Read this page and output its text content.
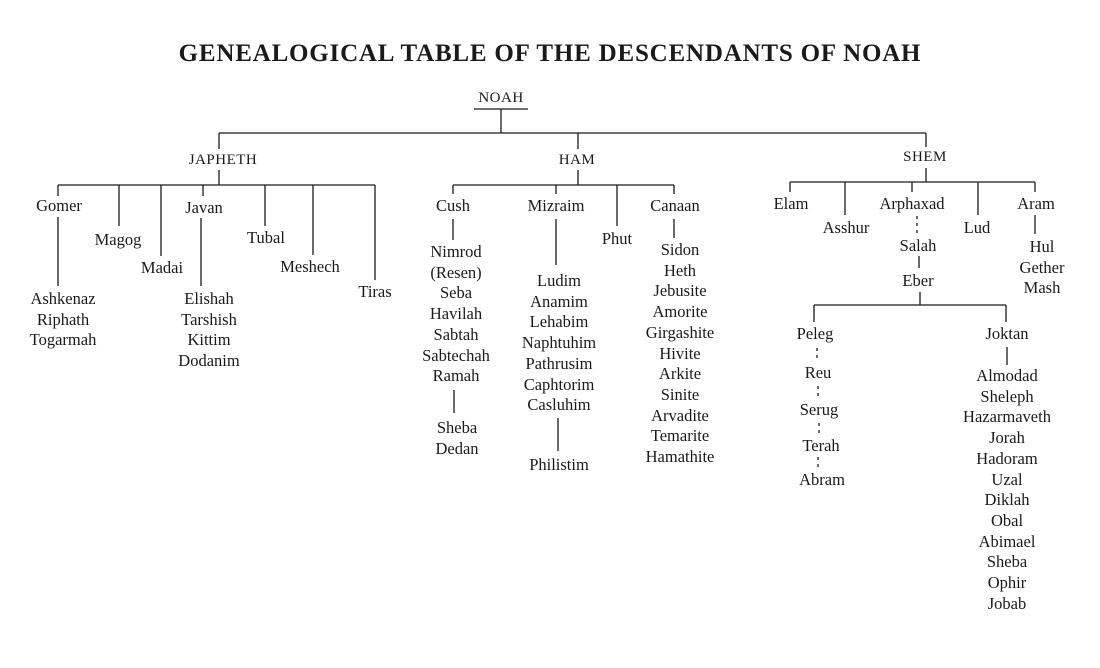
GENEALOGICAL TABLE OF THE DESCENDANTS OF NOAH
NOAH
JAPHETH	HAM	SHEM
Gomer
Magog
Madai
Javan
Tubal
Meshech
Tiras
Ashkenaz
Riphath
Togarmah
Elishah
Tarshish
Kittim
Dodanim
Cush	Mizraim
Phut
Canaan
Nimrod
(Resen)
Seba
Havilah
Sabtah
Sabtechah
Ramah
Sheba
Dedan
Ludim
Anamim
Lehabim
Naphtuhim
Pathrusim
Caphtorim
Casluhim
Philistim
Sidon
Heth
Jebusite
Amorite
Girgashite
Hivite
Arkite
Sinite
Arvadite
Temarite
Hamathite
Elam
Asshur
Arphaxad
Lud
Aram
Salah
Eber
Hul
Gether
Mash
Peleg	Joktan
Reu
Serug
Terah
Abram
Almodad
Sheleph
Hazarmaveth
Jorah
Hadoram
Uzal
Diklah
Obal
Abimael
Sheba
Ophir
Jobab
